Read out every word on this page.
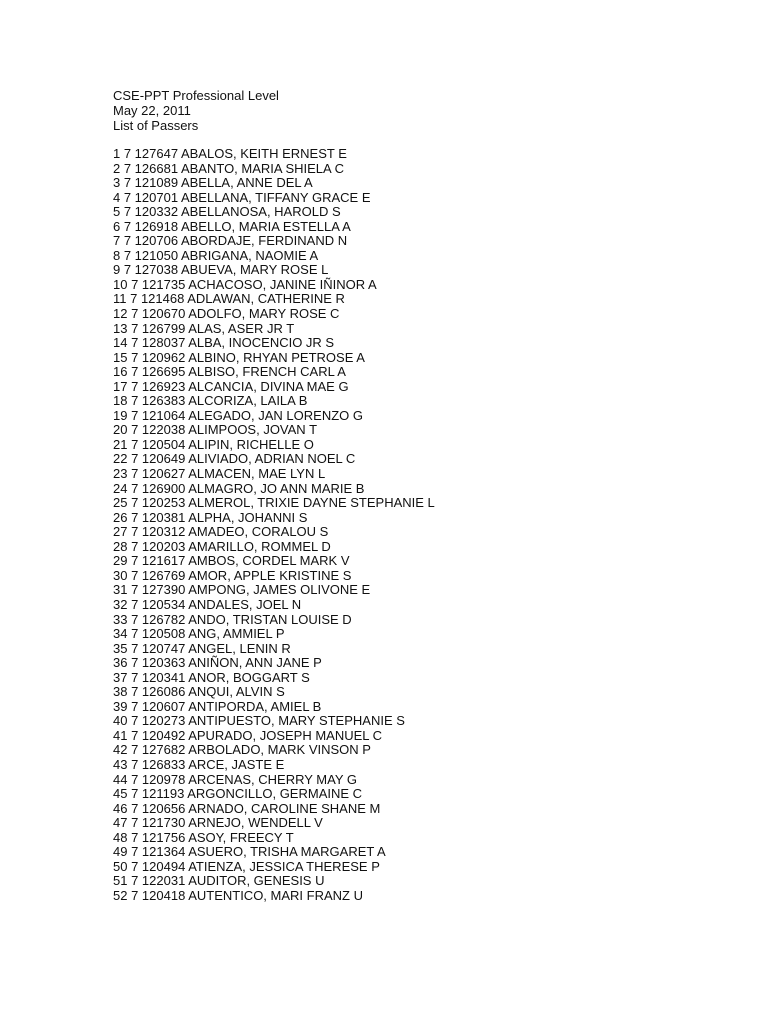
CSE-PPT Professional Level
May 22, 2011
List of Passers
1 7 127647 ABALOS, KEITH ERNEST E
2 7 126681 ABANTO, MARIA SHIELA C
3 7 121089 ABELLA, ANNE DEL A
4 7 120701 ABELLANA, TIFFANY GRACE E
5 7 120332 ABELLANOSA, HAROLD S
6 7 126918 ABELLO, MARIA ESTELLA A
7 7 120706 ABORDAJE, FERDINAND N
8 7 121050 ABRIGANA, NAOMIE A
9 7 127038 ABUEVA, MARY ROSE L
10 7 121735 ACHACOSO, JANINE IÑINOR A
11 7 121468 ADLAWAN, CATHERINE R
12 7 120670 ADOLFO, MARY ROSE C
13 7 126799 ALAS, ASER JR T
14 7 128037 ALBA, INOCENCIO JR S
15 7 120962 ALBINO, RHYAN PETROSE A
16 7 126695 ALBISO, FRENCH CARL A
17 7 126923 ALCANCIA, DIVINA MAE G
18 7 126383 ALCORIZA, LAILA B
19 7 121064 ALEGADO, JAN LORENZO G
20 7 122038 ALIMPOOS, JOVAN T
21 7 120504 ALIPIN, RICHELLE O
22 7 120649 ALIVIADO, ADRIAN NOEL C
23 7 120627 ALMACEN, MAE LYN L
24 7 126900 ALMAGRO, JO ANN MARIE B
25 7 120253 ALMEROL, TRIXIE DAYNE STEPHANIE L
26 7 120381 ALPHA, JOHANNI S
27 7 120312 AMADEO, CORALOU S
28 7 120203 AMARILLO, ROMMEL D
29 7 121617 AMBOS, CORDEL MARK V
30 7 126769 AMOR, APPLE KRISTINE S
31 7 127390 AMPONG, JAMES OLIVONE E
32 7 120534 ANDALES, JOEL N
33 7 126782 ANDO, TRISTAN LOUISE D
34 7 120508 ANG, AMMIEL P
35 7 120747 ANGEL, LENIN R
36 7 120363 ANIÑON, ANN JANE P
37 7 120341 ANOR, BOGGART S
38 7 126086 ANQUI, ALVIN S
39 7 120607 ANTIPORDA, AMIEL B
40 7 120273 ANTIPUESTO, MARY STEPHANIE S
41 7 120492 APURADO, JOSEPH MANUEL C
42 7 127682 ARBOLADO, MARK VINSON P
43 7 126833 ARCE, JASTE E
44 7 120978 ARCENAS, CHERRY MAY G
45 7 121193 ARGONCILLO, GERMAINE C
46 7 120656 ARNADO, CAROLINE SHANE M
47 7 121730 ARNEJO, WENDELL V
48 7 121756 ASOY, FREECY T
49 7 121364 ASUERO, TRISHA MARGARET A
50 7 120494 ATIENZA, JESSICA THERESE P
51 7 122031 AUDITOR, GENESIS U
52 7 120418 AUTENTICO, MARI FRANZ U
